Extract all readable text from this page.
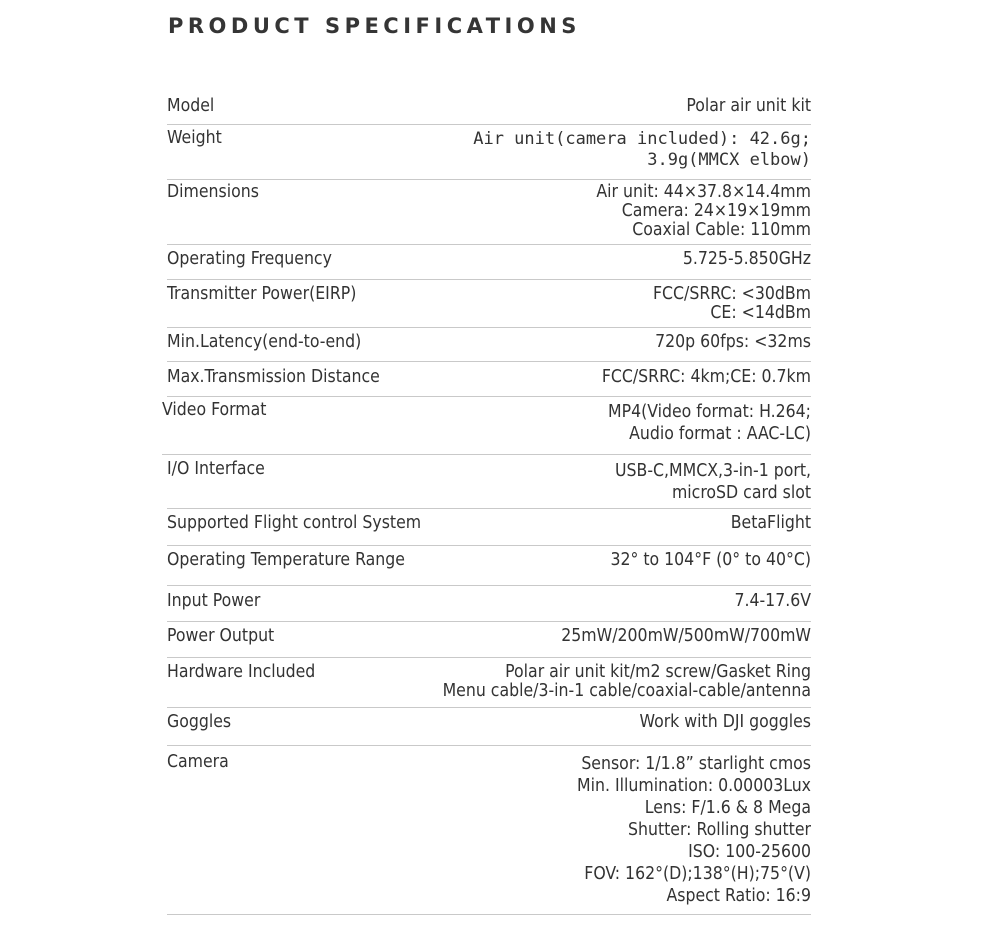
PRODUCT SPECIFICATIONS
Model	Polar air unit kit
Weight	Air unit(camera included): 42.6g;
3.9g(MMCX elbow)
Dimensions	Air unit: 44×37.8×14.4mm
Camera: 24×19×19mm
Coaxial Cable: 110mm
Operating Frequency	5.725-5.850GHz
Transmitter Power(EIRP)	FCC/SRRC: <30dBm
CE: <14dBm
Min.Latency(end-to-end)	720p 60fps: <32ms
Max.Transmission Distance	FCC/SRRC: 4km;CE: 0.7km
Video Format	MP4(Video format: H.264;
Audio format : AAC-LC)
I/O Interface	USB-C,MMCX,3-in-1 port,
microSD card slot
Supported Flight control System	BetaFlight
Operating Temperature Range	32° to 104°F (0° to 40°C)
Input Power	7.4-17.6V
Power Output	25mW/200mW/500mW/700mW
Hardware Included	Polar air unit kit/m2 screw/Gasket Ring
Menu cable/3-in-1 cable/coaxial-cable/antenna
Goggles	Work with DJI goggles
Camera	Sensor: 1/1.8” starlight cmos
Min. Illumination: 0.00003Lux
Lens: F/1.6 & 8 Mega
Shutter: Rolling shutter
ISO: 100-25600
FOV: 162°(D);138°(H);75°(V)
Aspect Ratio: 16:9
